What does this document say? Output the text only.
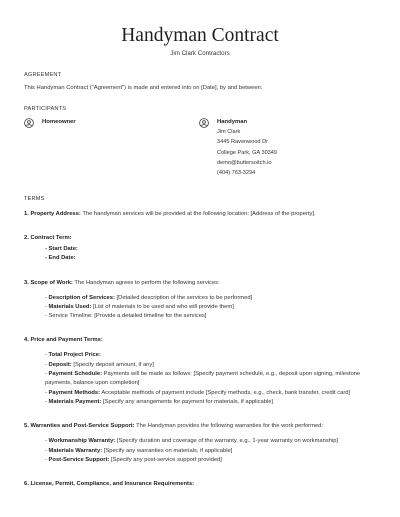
Handyman Contract
Jim Clark Contractors
AGREEMENT
This Handyman Contract ("Agreement") is made and entered into on [Date], by and between:
PARTICIPANTS
Homeowner	Handyman
Jim Clark
3445 Ravenwood Dr
College Park, GA 30349
demo@buttersoitch.io
(404) 763-3294
TERMS
1. Property Address: The handyman services will be provided at the following location: [Address of the property].
2. Contract Term:
- Start Date:
- End Date:
3. Scope of Work: The Handyman agrees to perform the following services:
- Description of Services: [Detailed description of the services to be performed]
- Materials Used: [List of materials to be used and who will provide them]
- Service Timeline: [Provide a detailed timeline for the services]
4. Price and Payment Terms:
- Total Project Price:
- Deposit: [Specify deposit amount, if any]
- Payment Schedule: Payments will be made as follows: [Specify payment schedule, e.g., deposit upon signing, milestone
payments, balance upon completion]
- Payment Methods: Acceptable methods of payment include [Specify methods, e.g., check, bank transfer, credit card]
- Materials Payment: [Specify any arrangements for payment for materials, if applicable]
5. Warranties and Post-Service Support: The Handyman provides the following warranties for the work performed:
- Workmanship Warranty: [Specify duration and coverage of the warranty, e.g., 1-year warranty on workmanship]
- Materials Warranty: [Specify any warranties on materials, if applicable]
- Post-Service Support: [Specify any post-service support provided]
6. License, Permit, Compliance, and Insurance Requirements:
